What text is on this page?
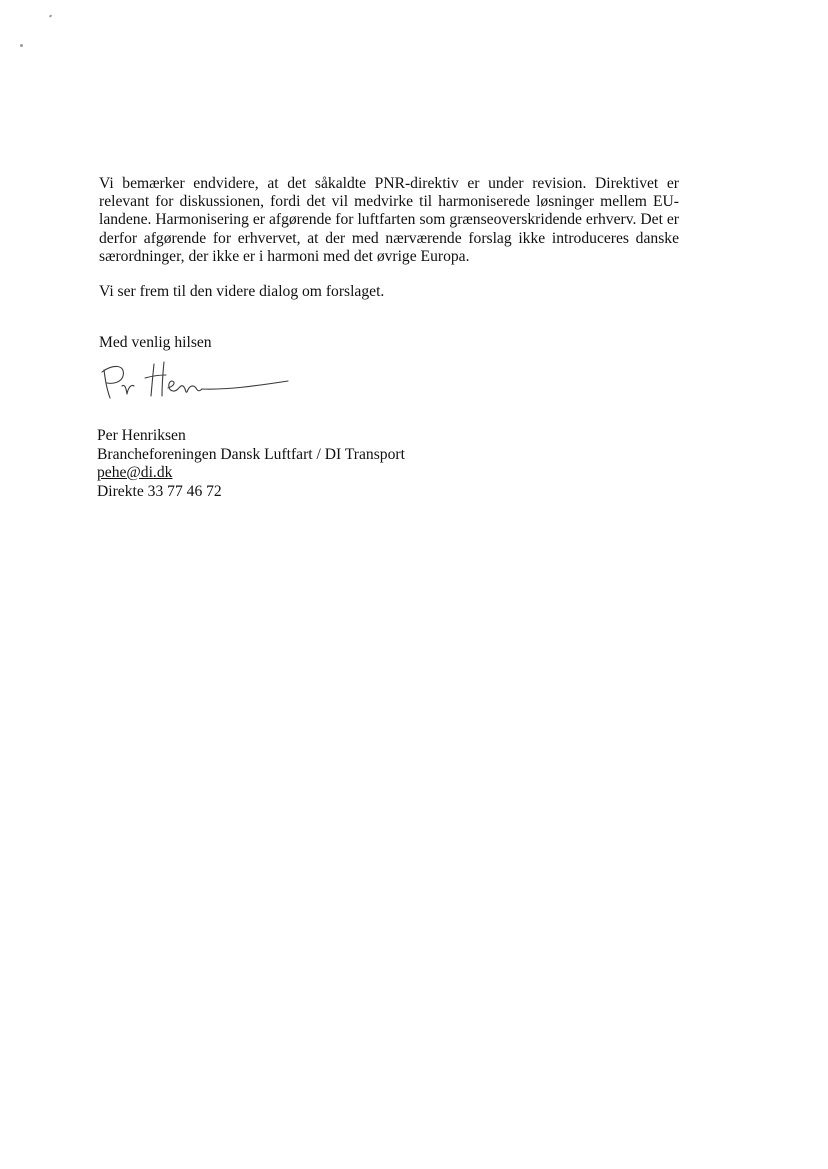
Vi bemærker endvidere, at det såkaldte PNR-direktiv er under revision. Direktivet er relevant for diskussionen, fordi det vil medvirke til harmoniserede løsninger mellem EU-landene. Harmonisering er afgørende for luftfarten som grænseoverskridende erhverv. Det er derfor afgørende for erhvervet, at der med nærværende forslag ikke introduceres danske særordninger, der ikke er i harmoni med det øvrige Europa.

Vi ser frem til den videre dialog om forslaget.

Med venlig hilsen
Per Henriksen
Brancheforeningen Dansk Luftfart / DI Transport
pehe@di.dk
Direkte 33 77 46 72
